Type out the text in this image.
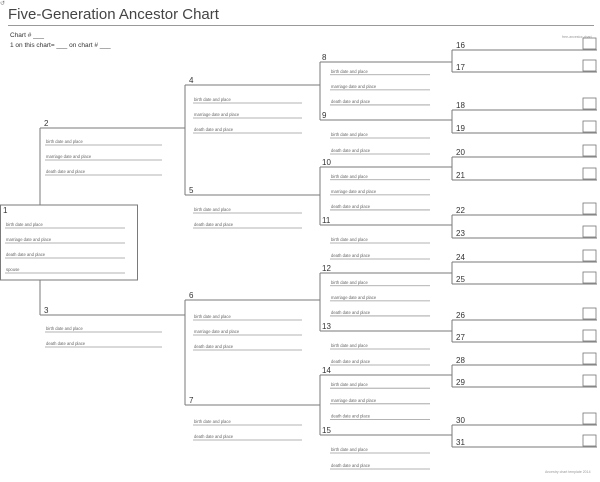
↺
Five-Generation Ancestor Chart
Chart # ___
1 on this chart= ___ on chart # ___
free-ancestor-chart
Ancestry chart template 2014
1
birth date and place
marriage date and place
death date and place
spouse
2
3
birth date and place
marriage date and place
death date and place
birth date and place
death date and place
4
5
6
7
birth date and place
marriage date and place
death date and place
birth date and place
death date and place
birth date and place
marriage date and place
death date and place
birth date and place
death date and place
8
9
10
11
12
13
14
15
birth date and place
marriage date and place
death date and place
birth date and place
death date and place
birth date and place
marriage date and place
death date and place
birth date and place
death date and place
birth date and place
marriage date and place
death date and place
birth date and place
death date and place
birth date and place
marriage date and place
death date and place
birth date and place
death date and place
16
17
18
19
20
21
22
23
24
25
26
27
28
29
30
31
